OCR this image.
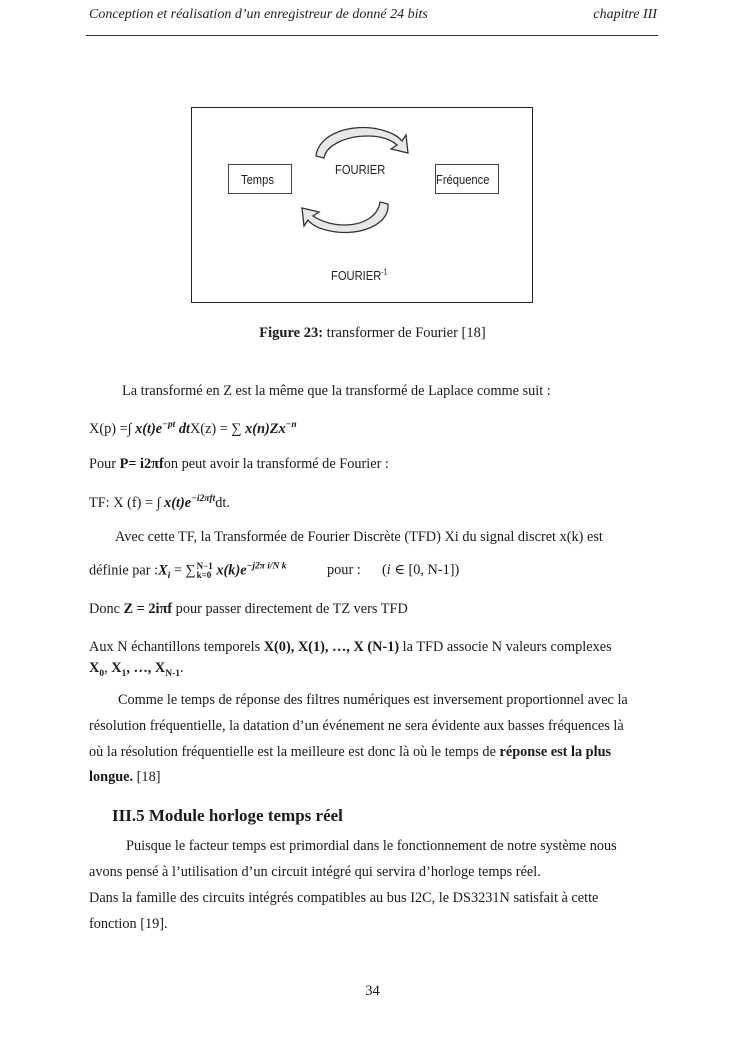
Conception et réalisation d’un enregistreur de donné 24 bits	chapitre III
Temps	Fréquence
FOURIER
$FOURIER^{-1}$
Figure 23: transformer de Fourier [18]
La transformé en Z est la même que la transformé de Laplace comme suit :
X(p) =∫ $x(t)e^{-pt}$ dtX(z) = ∑ $x(n)Zx^{-n}$
Pour P= i2πfon peut avoir la transformé de Fourier :
TF: X (f) = ∫ $x(t)e^{-i2\pi ft}dt$.
Avec cette TF, la Transformée de Fourier Discrète (TFD) Xi du signal discret x(k) est
définie par $:X_i$ = ∑ N−1
k=0 $x(k)e^{-j2\pi i/N k}$	pour : (i ∈ [0, N-1])
Donc Z = 2iπf pour passer directement de TZ vers TFD
Aux N échantillons temporels X(0), X(1), …, X (N-1) la TFD associe N valeurs complexes
$X_0$, $X_1$, …, $X_{N-1}$.
Comme le temps de réponse des filtres numériques est inversement proportionnel avec la
résolution fréquentielle, la datation d’un événement ne sera évidente aux basses fréquences là
où la résolution fréquentielle est la meilleure est donc là où le temps de réponse est la plus
longue. [18]
III.5 Module horloge temps réel
Puisque le facteur temps est primordial dans le fonctionnement de notre système nous
avons pensé à l’utilisation d’un circuit intégré qui servira d’horloge temps réel.
Dans la famille des circuits intégrés compatibles au bus I2C, le DS3231N satisfait à cette
fonction [19].
34
